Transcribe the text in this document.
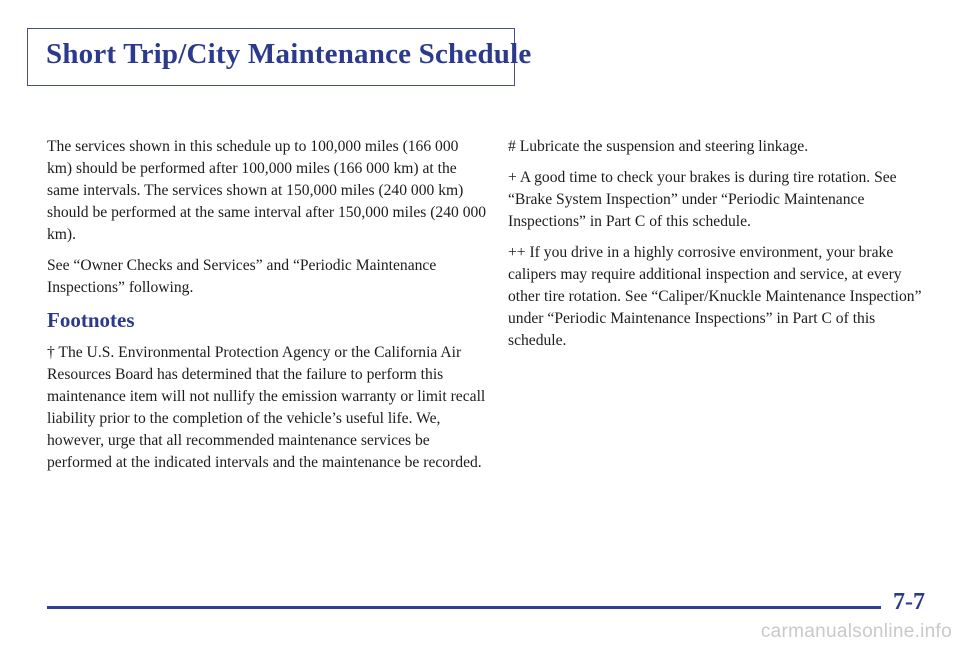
Short Trip/City Maintenance Schedule

The services shown in this schedule up to 100,000 miles (166 000 km) should be performed after 100,000 miles (166 000 km) at the same intervals. The services shown at 150,000 miles (240 000 km) should be performed at the same interval after 150,000 miles (240 000 km).

See “Owner Checks and Services” and “Periodic Maintenance Inspections” following.

Footnotes

† The U.S. Environmental Protection Agency or the California Air Resources Board has determined that the failure to perform this maintenance item will not nullify the emission warranty or limit recall liability prior to the completion of the vehicle’s useful life. We, however, urge that all recommended maintenance services be performed at the indicated intervals and the maintenance be recorded.

# Lubricate the suspension and steering linkage.

+ A good time to check your brakes is during tire rotation. See “Brake System Inspection” under “Periodic Maintenance Inspections” in Part C of this schedule.

++ If you drive in a highly corrosive environment, your brake calipers may require additional inspection and service, at every other tire rotation. See “Caliper/Knuckle Maintenance Inspection” under “Periodic Maintenance Inspections” in Part C of this schedule.

7-7
carmanualsonline.info
